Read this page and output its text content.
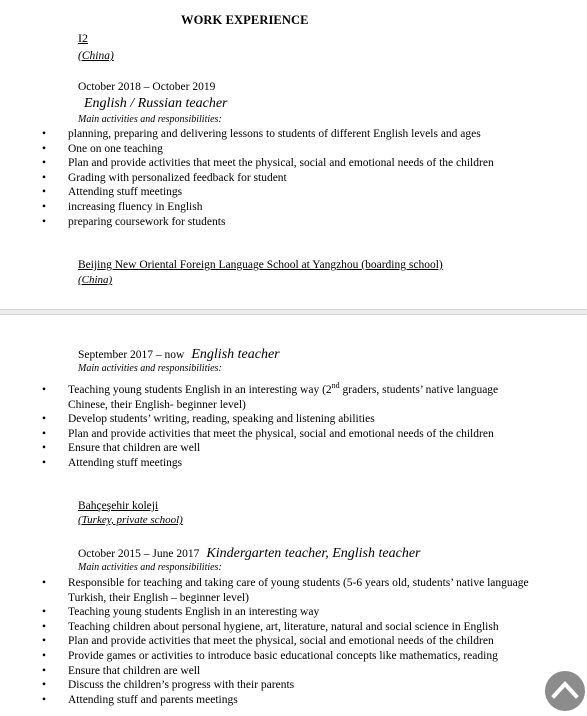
WORK EXPERIENCE
I2
(China)
October 2018 – October 2019
English / Russian teacher
Main activities and responsibilities:
• planning, preparing and delivering lessons to students of different English levels and ages
• One on one teaching
• Plan and provide activities that meet the physical, social and emotional needs of the children
• Grading with personalized feedback for student
• Attending stuff meetings
• increasing fluency in English
• preparing coursework for students
Beijing New Oriental Foreign Language School at Yangzhou (boarding school)
(China)
September 2017 – now English teacher
Main activities and responsibilities:
• Teaching young students English in an interesting way (2nd graders, students’ native language Chinese, their English- beginner level)
• Develop students’ writing, reading, speaking and listening abilities
• Plan and provide activities that meet the physical, social and emotional needs of the children
• Ensure that children are well
• Attending stuff meetings
Bahçeşehir koleji
(Turkey, private school)
October 2015 – June 2017 Kindergarten teacher, English teacher
Main activities and responsibilities:
• Responsible for teaching and taking care of young students (5-6 years old, students’ native language Turkish, their English – beginner level)
• Teaching young students English in an interesting way
• Teaching children about personal hygiene, art, literature, natural and social science in English
• Plan and provide activities that meet the physical, social and emotional needs of the children
• Provide games or activities to introduce basic educational concepts like mathematics, reading
• Ensure that children are well
• Discuss the children’s progress with their parents
• Attending stuff and parents meetings
